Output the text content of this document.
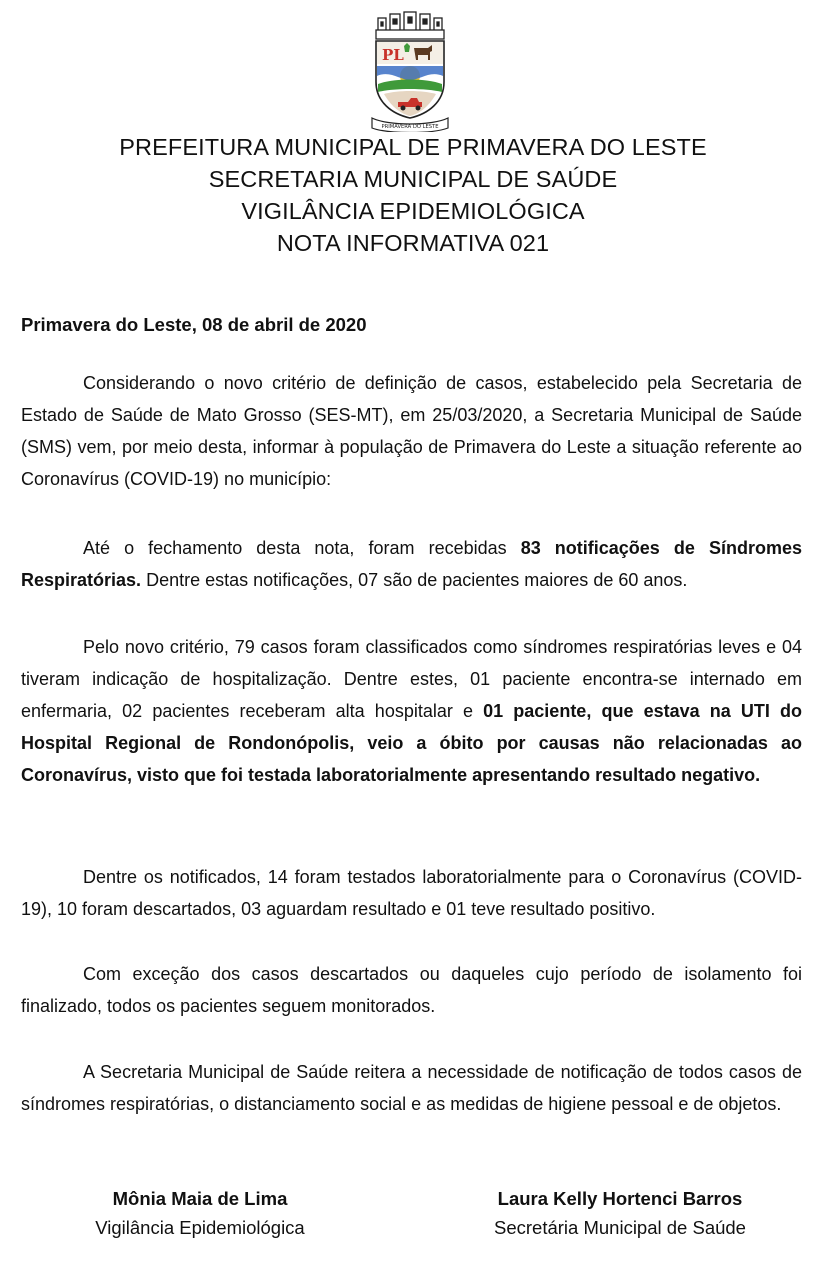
PL
PRIMAVERA DO LESTE
PREFEITURA MUNICIPAL DE PRIMAVERA DO LESTE
SECRETARIA MUNICIPAL DE SAÚDE
VIGILÂNCIA EPIDEMIOLÓGICA
NOTA INFORMATIVA 021
Primavera do Leste, 08 de abril de 2020

Considerando o novo critério de definição de casos, estabelecido pela Secretaria de Estado de Saúde de Mato Grosso (SES-MT), em 25/03/2020, a Secretaria Municipal de Saúde (SMS) vem, por meio desta, informar à população de Primavera do Leste a situação referente ao Coronavírus (COVID-19) no município:

Até o fechamento desta nota, foram recebidas 83 notificações de Síndromes Respiratórias. Dentre estas notificações, 07 são de pacientes maiores de 60 anos.

Pelo novo critério, 79 casos foram classificados como síndromes respiratórias leves e 04 tiveram indicação de hospitalização. Dentre estes, 01 paciente encontra-se internado em enfermaria, 02 pacientes receberam alta hospitalar e 01 paciente, que estava na UTI do Hospital Regional de Rondonópolis, veio a óbito por causas não relacionadas ao Coronavírus, visto que foi testada laboratorialmente apresentando resultado negativo.

Dentre os notificados, 14 foram testados laboratorialmente para o Coronavírus (COVID-19), 10 foram descartados, 03 aguardam resultado e 01 teve resultado positivo.

Com exceção dos casos descartados ou daqueles cujo período de isolamento foi finalizado, todos os pacientes seguem monitorados.

A Secretaria Municipal de Saúde reitera a necessidade de notificação de todos casos de síndromes respiratórias, o distanciamento social e as medidas de higiene pessoal e de objetos.

Mônia Maia de Lima
Vigilância Epidemiológica
Laura Kelly Hortenci Barros
Secretária Municipal de Saúde
